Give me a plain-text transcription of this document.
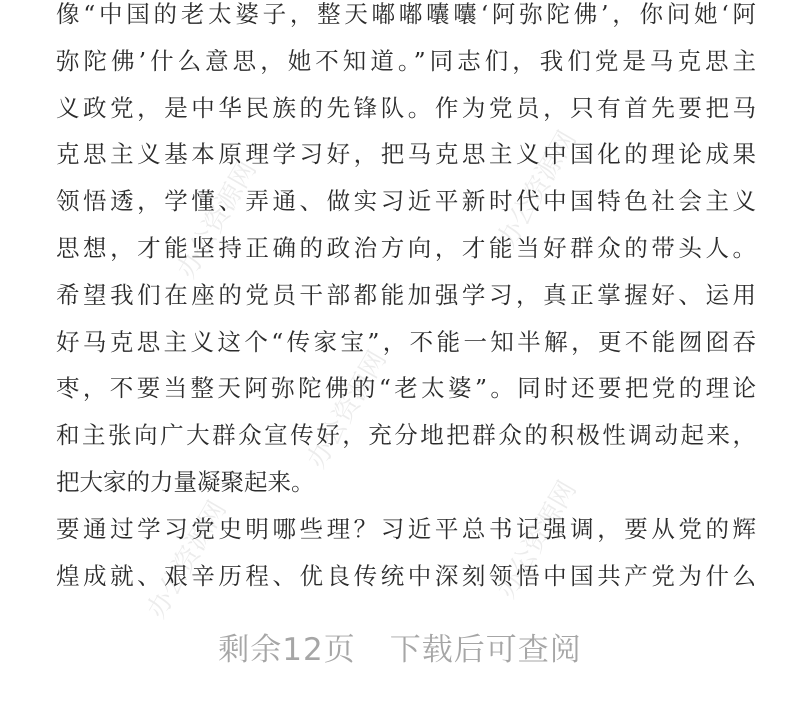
办公资源网	办公资源网
办公资源网
办公资源网	办公资源网
像“中国的老太婆子，整天嘟嘟囔囔‘阿弥陀佛’，你问她‘阿
弥陀佛’什么意思，她不知道。”同志们，我们党是马克思主
义政党，是中华民族的先锋队。作为党员，只有首先要把马
克思主义基本原理学习好，把马克思主义中国化的理论成果
领悟透，学懂、弄通、做实习近平新时代中国特色社会主义
思想，才能坚持正确的政治方向，才能当好群众的带头人。
希望我们在座的党员干部都能加强学习，真正掌握好、运用
好马克思主义这个“传家宝”，不能一知半解，更不能囫囵吞
枣，不要当整天阿弥陀佛的“老太婆”。同时还要把党的理论
和主张向广大群众宣传好，充分地把群众的积极性调动起来，
把大家的力量凝聚起来。
要通过学习党史明哪些理？习近平总书记强调，要从党的辉
煌成就、艰辛历程、优良传统中深刻领悟中国共产党为什么
剩余12页 下载后可查阅
